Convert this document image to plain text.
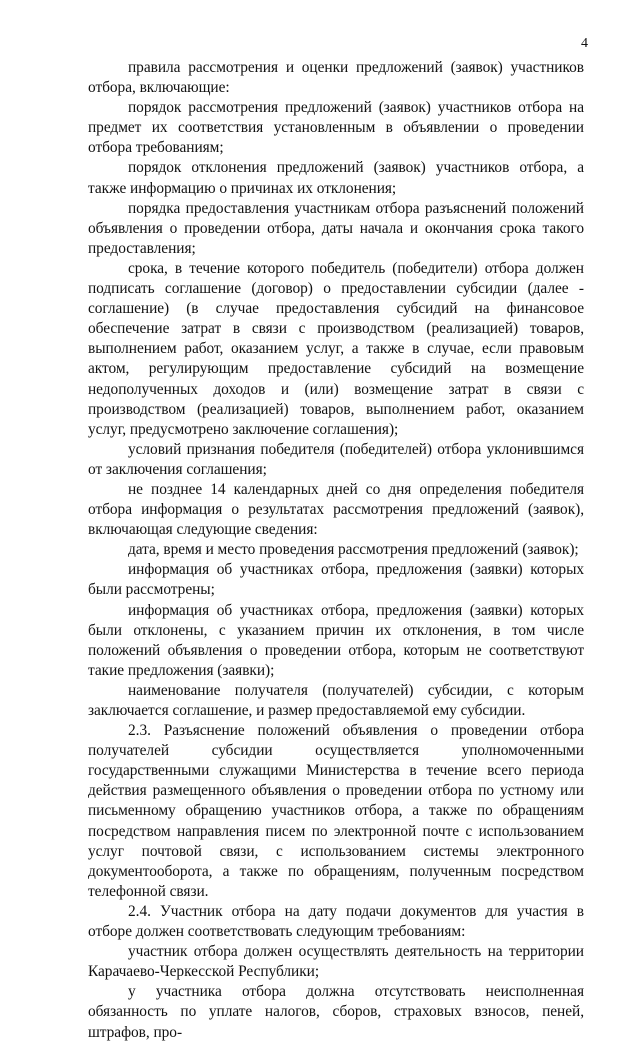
4

правила рассмотрения и оценки предложений (заявок) участников отбора, включающие:

порядок рассмотрения предложений (заявок) участников отбора на предмет их соответствия установленным в объявлении о проведении отбора требованиям;

порядок отклонения предложений (заявок) участников отбора, а также информацию о причинах их отклонения;

порядка предоставления участникам отбора разъяснений положений объявления о проведении отбора, даты начала и окончания срока такого предоставления;

срока, в течение которого победитель (победители) отбора должен подписать соглашение (договор) о предоставлении субсидии (далее - соглашение) (в случае предоставления субсидий на финансовое обеспечение затрат в связи с производством (реализацией) товаров, выполнением работ, оказанием услуг, а также в случае, если правовым актом, регулирующим предоставление субсидий на возмещение недополученных доходов и (или) возмещение затрат в связи с производством (реализацией) товаров, выполнением работ, оказанием услуг, предусмотрено заключение соглашения);

условий признания победителя (победителей) отбора уклонившимся от заключения соглашения;

не позднее 14 календарных дней со дня определения победителя отбора информация о результатах рассмотрения предложений (заявок), включающая следующие сведения:

дата, время и место проведения рассмотрения предложений (заявок);

информация об участниках отбора, предложения (заявки) которых были рассмотрены;

информация об участниках отбора, предложения (заявки) которых были отклонены, с указанием причин их отклонения, в том числе положений объявления о проведении отбора, которым не соответствуют такие предложения (заявки);

наименование получателя (получателей) субсидии, с которым заключается соглашение, и размер предоставляемой ему субсидии.

2.3. Разъяснение положений объявления о проведении отбора получателей субсидии осуществляется уполномоченными государственными служащими Министерства в течение всего периода действия размещенного объявления о проведении отбора по устному или письменному обращению участников отбора, а также по обращениям посредством направления писем по электронной почте с использованием услуг почтовой связи, с использованием системы электронного документооборота, а также по обращениям, полученным посредством телефонной связи.

2.4. Участник отбора на дату подачи документов для участия в отборе должен соответствовать следующим требованиям:

участник отбора должен осуществлять деятельность на территории Карачаево-Черкесской Республики;

у участника отбора должна отсутствовать неисполненная обязанность по уплате налогов, сборов, страховых взносов, пеней, штрафов, про-
